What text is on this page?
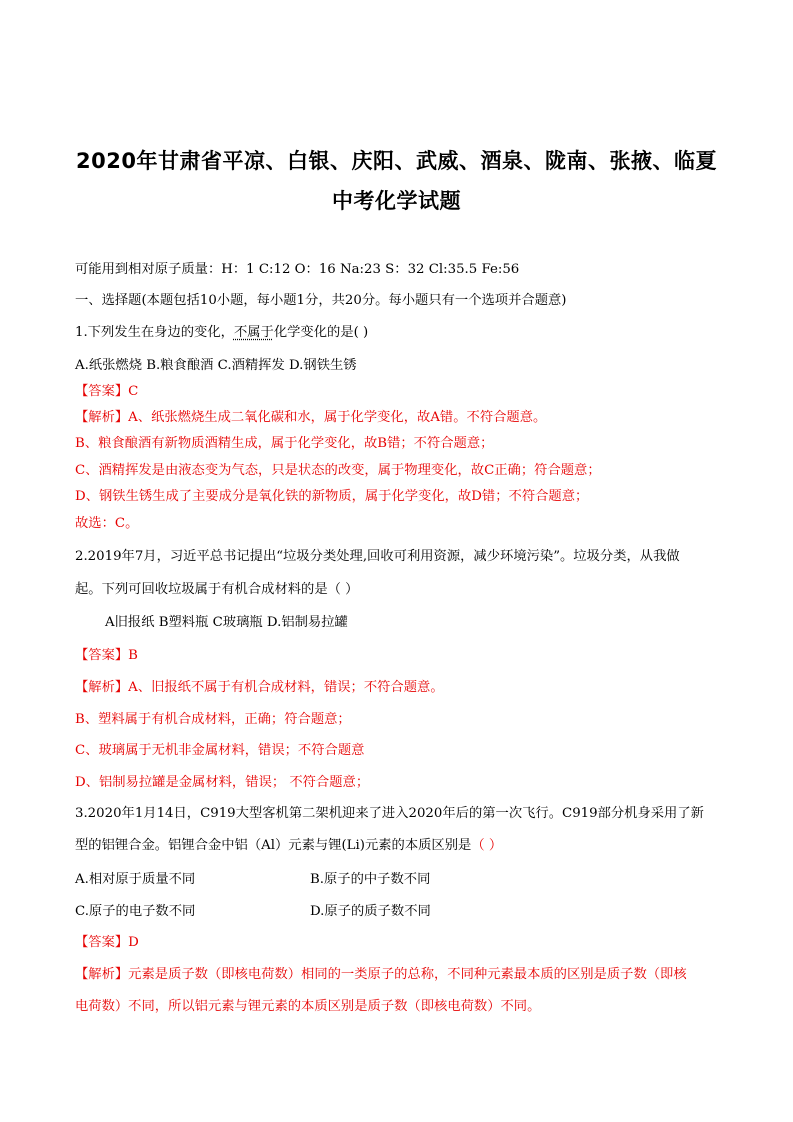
2020年甘肃省平凉、白银、庆阳、武威、酒泉、陇南、张掖、临夏
中考化学试题
可能用到相对原子质量：H：1 C:12 O：16 Na:23 S：32 Cl:35.5 Fe:56
一、选择题(本题包括10小题，每小题1分，共20分。每小题只有一个选项并合题意)
1.下列发生在身边的变化，不属于化学变化的是( )
A.纸张燃烧 B.粮食酿酒 C.酒精挥发 D.钢铁生锈
【答案】C
【解析】A、纸张燃烧生成二氧化碳和水，属于化学变化，故A错。不符合题意。
B、粮食酿酒有新物质酒精生成，属于化学变化，故B错；不符合题意；
C、酒精挥发是由液态变为气态，只是状态的改变，属于物理变化，故C正确；符合题意；
D、钢铁生锈生成了主要成分是氧化铁的新物质，属于化学变化，故D错；不符合题意；
故选：C。
2.2019年7月，习近平总书记提出“垃圾分类处理,回收可利用资源，减少环境污染”。垃圾分类，从我做
起。下列可回收垃圾属于有机合成材料的是（ ）
A旧报纸 B塑料瓶 C玻璃瓶 D.铝制易拉罐
【答案】B
【解析】A、旧报纸不属于有机合成材料，错误；不符合题意。
B、塑料属于有机合成材料，正确；符合题意；
C、玻璃属于无机非金属材料，错误；不符合题意
D、铝制易拉罐是金属材料，错误； 不符合题意；
3.2020年1月14日，C919大型客机第二架机迎来了进入2020年后的第一次飞行。C919部分机身采用了新
型的铝锂合金。铝锂合金中铝（Al）元素与锂(Li)元素的本质区别是（ ）
A.相对原于质量不同	B.原子的中子数不同
C.原子的电子数不同	D.原子的质子数不同
【答案】D
【解析】元素是质子数（即核电荷数）相同的一类原子的总称，不同种元素最本质的区别是质子数（即核
电荷数）不同，所以铝元素与锂元素的本质区别是质子数（即核电荷数）不同。
